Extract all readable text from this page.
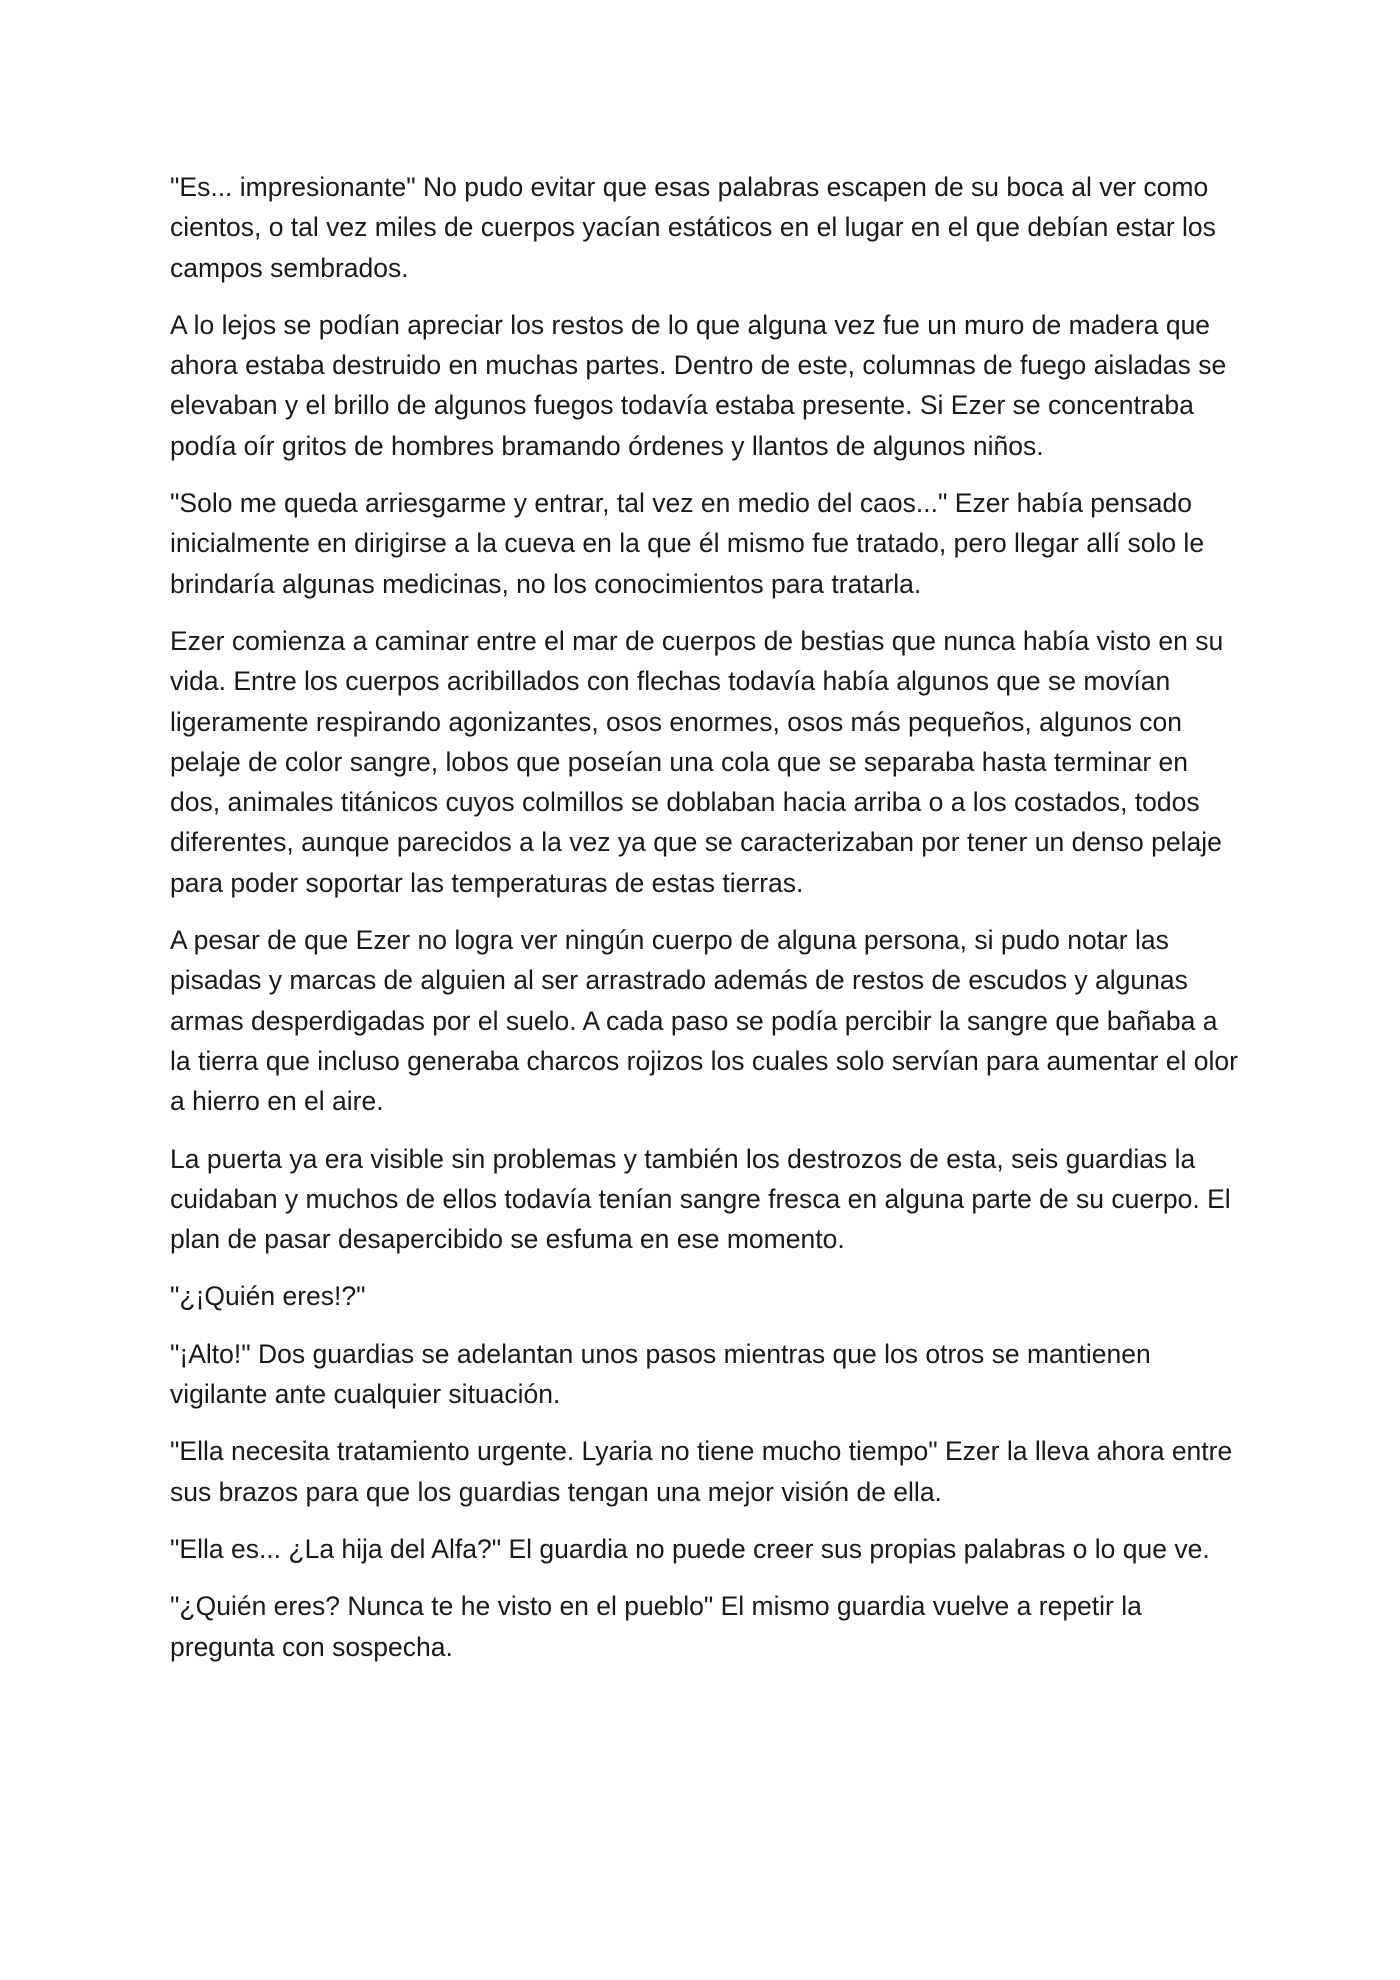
"Es... impresionante" No pudo evitar que esas palabras escapen de su boca al ver como cientos, o tal vez miles de cuerpos yacían estáticos en el lugar en el que debían estar los campos sembrados.

A lo lejos se podían apreciar los restos de lo que alguna vez fue un muro de madera que ahora estaba destruido en muchas partes. Dentro de este, columnas de fuego aisladas se elevaban y el brillo de algunos fuegos todavía estaba presente. Si Ezer se concentraba podía oír gritos de hombres bramando órdenes y llantos de algunos niños.

"Solo me queda arriesgarme y entrar, tal vez en medio del caos..." Ezer había pensado inicialmente en dirigirse a la cueva en la que él mismo fue tratado, pero llegar allí solo le brindaría algunas medicinas, no los conocimientos para tratarla.

Ezer comienza a caminar entre el mar de cuerpos de bestias que nunca había visto en su vida. Entre los cuerpos acribillados con flechas todavía había algunos que se movían ligeramente respirando agonizantes, osos enormes, osos más pequeños, algunos con pelaje de color sangre, lobos que poseían una cola que se separaba hasta terminar en dos, animales titánicos cuyos colmillos se doblaban hacia arriba o a los costados, todos diferentes, aunque parecidos a la vez ya que se caracterizaban por tener un denso pelaje para poder soportar las temperaturas de estas tierras.

A pesar de que Ezer no logra ver ningún cuerpo de alguna persona, si pudo notar las pisadas y marcas de alguien al ser arrastrado además de restos de escudos y algunas armas desperdigadas por el suelo. A cada paso se podía percibir la sangre que bañaba a la tierra que incluso generaba charcos rojizos los cuales solo servían para aumentar el olor a hierro en el aire.

La puerta ya era visible sin problemas y también los destrozos de esta, seis guardias la cuidaban y muchos de ellos todavía tenían sangre fresca en alguna parte de su cuerpo. El plan de pasar desapercibido se esfuma en ese momento.

"¿¡Quién eres!?"

"¡Alto!" Dos guardias se adelantan unos pasos mientras que los otros se mantienen vigilante ante cualquier situación.

"Ella necesita tratamiento urgente. Lyaria no tiene mucho tiempo" Ezer la lleva ahora entre sus brazos para que los guardias tengan una mejor visión de ella.

"Ella es... ¿La hija del Alfa?" El guardia no puede creer sus propias palabras o lo que ve.

"¿Quién eres? Nunca te he visto en el pueblo" El mismo guardia vuelve a repetir la pregunta con sospecha.
